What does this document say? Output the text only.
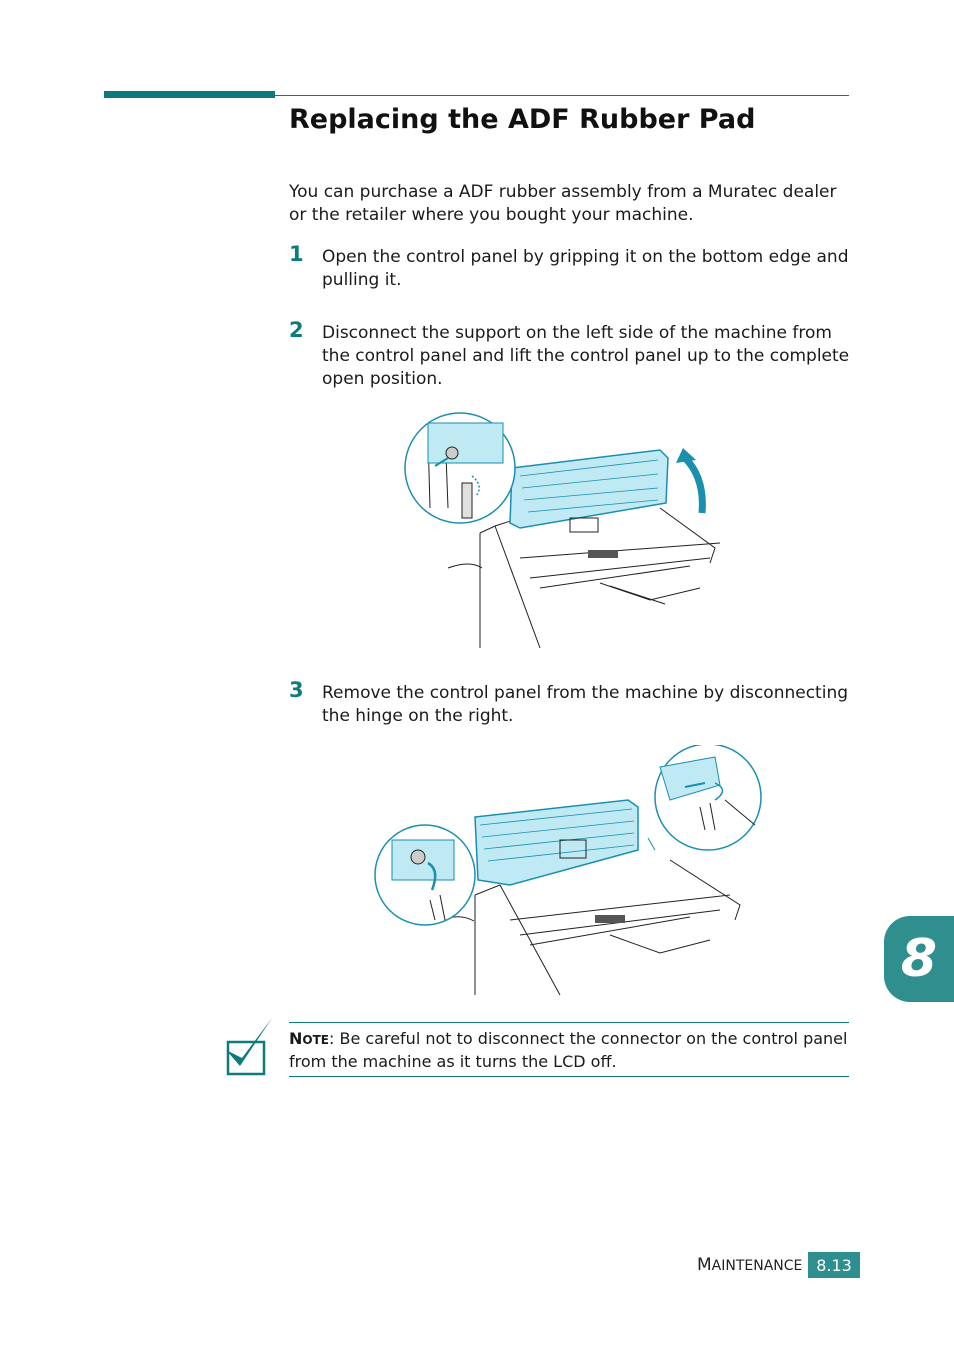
Replacing the ADF Rubber Pad
You can purchase a ADF rubber assembly from a Muratec dealer or the retailer where you bought your machine.
1 Open the control panel by gripping it on the bottom edge and pulling it.
2 Disconnect the support on the left side of the machine from the control panel and lift the control panel up to the complete open position.
3 Remove the control panel from the machine by disconnecting the hinge on the right.
NOTE: Be careful not to disconnect the connector on the control panel from the machine as it turns the LCD off.
8
MAINTENANCE 8.13
